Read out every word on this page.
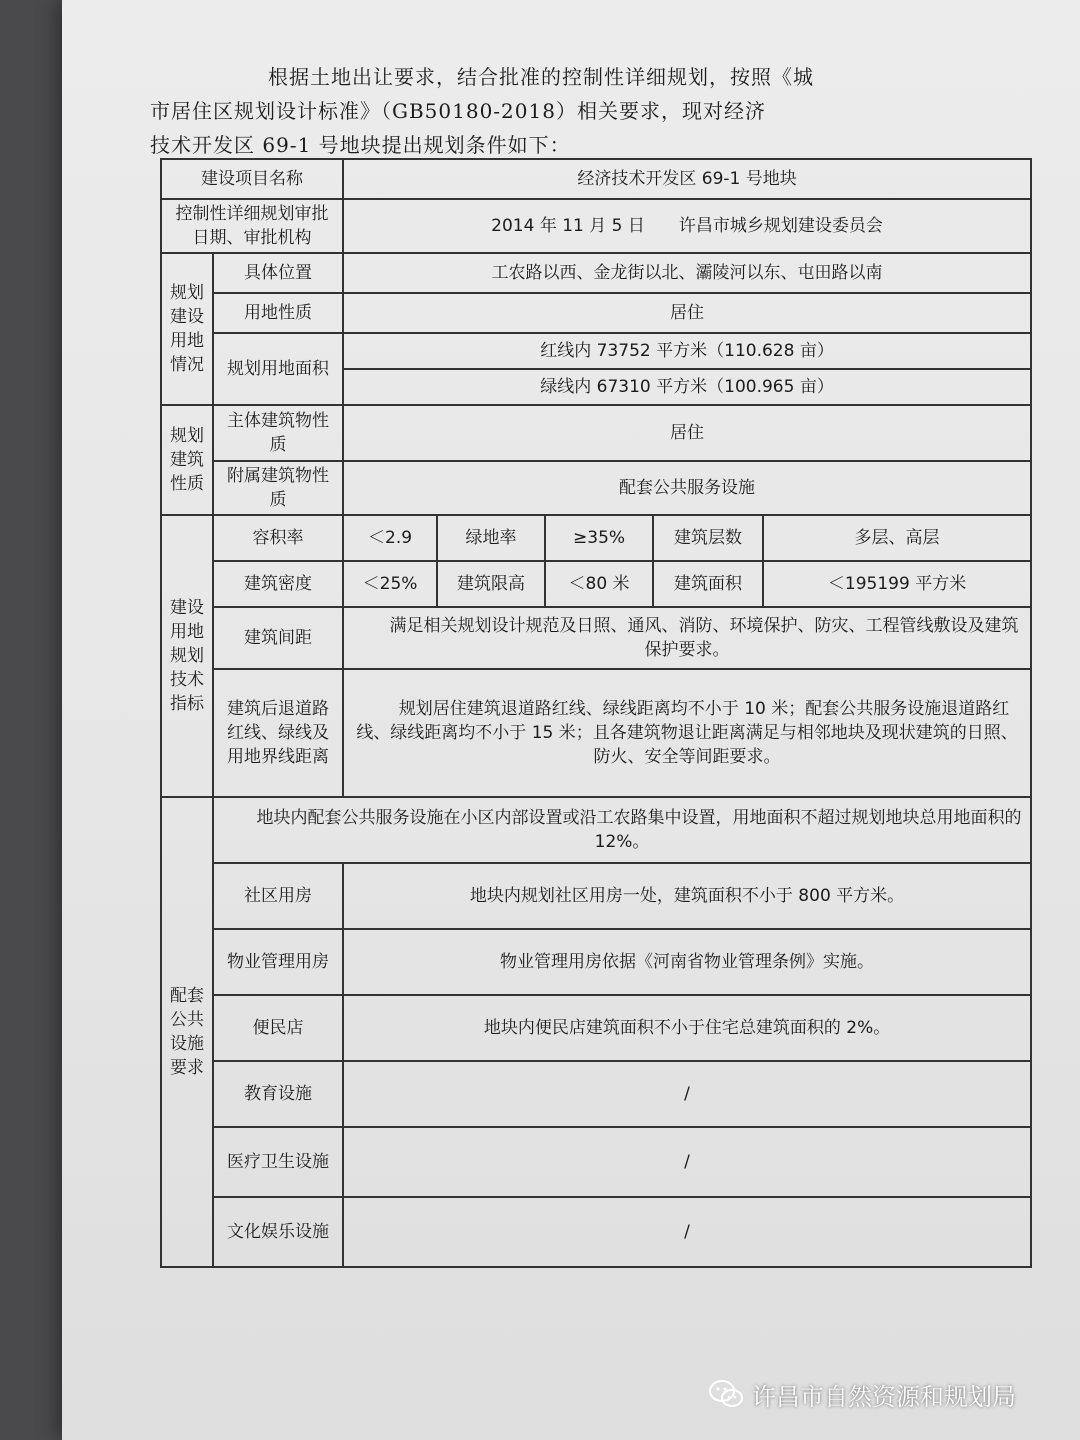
根据土地出让要求，结合批准的控制性详细规划，按照《城

市居住区规划设计标准》（GB50180-2018）相关要求，现对经济

技术开发区 69-1 号地块提出规划条件如下：

建设项目名称		经济技术开发区 69-1 号地块				
控制性详细规划审批日期、审批机构		2014 年 11 月 5 日　　许昌市城乡规划建设委员会				
规划建设用地情况	具体位置	工农路以西、金龙街以北、灞陵河以东、屯田路以南				
	用地性质	居住				
	规划用地面积	红线内 73752 平方米（110.628 亩）				
		绿线内 67310 平方米（100.965 亩）				
规划建筑性质	主体建筑物性质	居住				
	附属建筑物性质	配套公共服务设施				
建设用地规划技术指标	容积率	＜2.9	绿地率	≥35%	建筑层数	多层、高层
	建筑密度	＜25%	建筑限高	＜80 米	建筑面积	＜195199 平方米
	建筑间距	满足相关规划设计规范及日照、通风、消防、环境保护、防灾、工程管线敷设及建筑保护要求。				
	建筑后退道路红线、绿线及用地界线距离	规划居住建筑退道路红线、绿线距离均不小于 10 米；配套公共服务设施退道路红线、绿线距离均不小于 15 米；且各建筑物退让距离满足与相邻地块及现状建筑的日照、防火、安全等间距要求。				
配套公共设施要求	地块内配套公共服务设施在小区内部设置或沿工农路集中设置，用地面积不超过规划地块总用地面积的 12%。					
	社区用房	地块内规划社区用房一处，建筑面积不小于 800 平方米。				
	物业管理用房	物业管理用房依据《河南省物业管理条例》实施。				
	便民店	地块内便民店建筑面积不小于住宅总建筑面积的 2%。				
	教育设施	/				
	医疗卫生设施	/				
	文化娱乐设施	/				
许昌市自然资源和规划局
